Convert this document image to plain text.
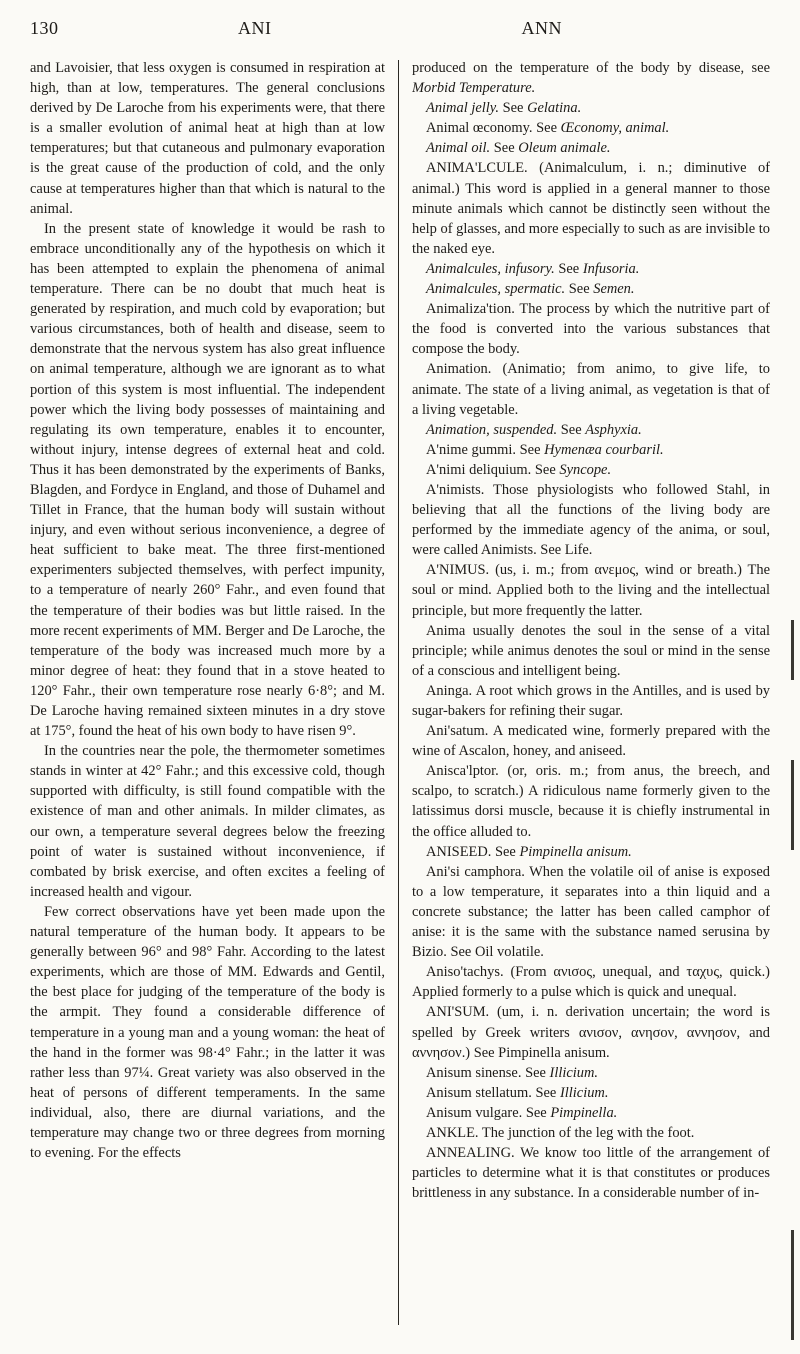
130	ANI	ANN

and Lavoisier, that less oxygen is consumed in respiration at high, than at low, temperatures. The general conclusions derived by De Laroche from his experiments were, that there is a smaller evolution of animal heat at high than at low temperatures; but that cutaneous and pulmonary evaporation is the great cause of the production of cold, and the only cause at temperatures higher than that which is natural to the animal.

In the present state of knowledge it would be rash to embrace unconditionally any of the hypothesis on which it has been attempted to explain the phenomena of animal temperature. There can be no doubt that much heat is generated by respiration, and much cold by evaporation; but various circumstances, both of health and disease, seem to demonstrate that the nervous system has also great influence on animal temperature, although we are ignorant as to what portion of this system is most influential. The independent power which the living body possesses of maintaining and regulating its own temperature, enables it to encounter, without injury, intense degrees of external heat and cold. Thus it has been demonstrated by the experiments of Banks, Blagden, and Fordyce in England, and those of Duhamel and Tillet in France, that the human body will sustain without injury, and even without serious inconvenience, a degree of heat sufficient to bake meat. The three first-mentioned experimenters subjected themselves, with perfect impunity, to a temperature of nearly 260° Fahr., and even found that the temperature of their bodies was but little raised. In the more recent experiments of MM. Berger and De Laroche, the temperature of the body was increased much more by a minor degree of heat: they found that in a stove heated to 120° Fahr., their own temperature rose nearly 6·8°; and M. De Laroche having remained sixteen minutes in a dry stove at 175°, found the heat of his own body to have risen 9°.

In the countries near the pole, the thermometer sometimes stands in winter at 42° Fahr.; and this excessive cold, though supported with difficulty, is still found compatible with the existence of man and other animals. In milder climates, as our own, a temperature several degrees below the freezing point of water is sustained without inconvenience, if combated by brisk exercise, and often excites a feeling of increased health and vigour.

Few correct observations have yet been made upon the natural temperature of the human body. It appears to be generally between 96° and 98° Fahr. According to the latest experiments, which are those of MM. Edwards and Gentil, the best place for judging of the temperature of the body is the armpit. They found a considerable difference of temperature in a young man and a young woman: the heat of the hand in the former was 98·4° Fahr.; in the latter it was rather less than 97¼. Great variety was also observed in the heat of persons of different temperaments. In the same individual, also, there are diurnal variations, and the temperature may change two or three degrees from morning to evening. For the effects

produced on the temperature of the body by disease, see Morbid Temperature.

Animal jelly. See Gelatina.

Animal œconomy. See Œconomy, animal.

Animal oil. See Oleum animale.

ANIMA'LCULE. (Animalculum, i. n.; diminutive of animal.) This word is applied in a general manner to those minute animals which cannot be distinctly seen without the help of glasses, and more especially to such as are invisible to the naked eye.

Animalcules, infusory. See Infusoria.

Animalcules, spermatic. See Semen.

Animaliza'tion. The process by which the nutritive part of the food is converted into the various substances that compose the body.

Animation. (Animatio; from animo, to give life, to animate. The state of a living animal, as vegetation is that of a living vegetable.

Animation, suspended. See Asphyxia.

A'nime gummi. See Hymenæa courbaril.

A'nimi deliquium. See Syncope.

A'nimists. Those physiologists who followed Stahl, in believing that all the functions of the living body are performed by the immediate agency of the anima, or soul, were called Animists. See Life.

A'NIMUS. (us, i. m.; from ανεμος, wind or breath.) The soul or mind. Applied both to the living and the intellectual principle, but more frequently the latter.

Anima usually denotes the soul in the sense of a vital principle; while animus denotes the soul or mind in the sense of a conscious and intelligent being.

Aninga. A root which grows in the Antilles, and is used by sugar-bakers for refining their sugar.

Ani'satum. A medicated wine, formerly prepared with the wine of Ascalon, honey, and aniseed.

Anisca'lptor. (or, oris. m.; from anus, the breech, and scalpo, to scratch.) A ridiculous name formerly given to the latissimus dorsi muscle, because it is chiefly instrumental in the office alluded to.

ANISEED. See Pimpinella anisum.

Ani'si camphora. When the volatile oil of anise is exposed to a low temperature, it separates into a thin liquid and a concrete substance; the latter has been called camphor of anise: it is the same with the substance named serusina by Bizio. See Oil volatile.

Aniso'tachys. (From ανισος, unequal, and ταχυς, quick.) Applied formerly to a pulse which is quick and unequal.

ANI'SUM. (um, i. n. derivation uncertain; the word is spelled by Greek writers ανισον, ανησον, αννησον, and αννησον.) See Pimpinella anisum.

Anisum sinense. See Illicium.

Anisum stellatum. See Illicium.

Anisum vulgare. See Pimpinella.

ANKLE. The junction of the leg with the foot.

ANNEALING. We know too little of the arrangement of particles to determine what it is that constitutes or produces brittleness in any substance. In a considerable number of in-
